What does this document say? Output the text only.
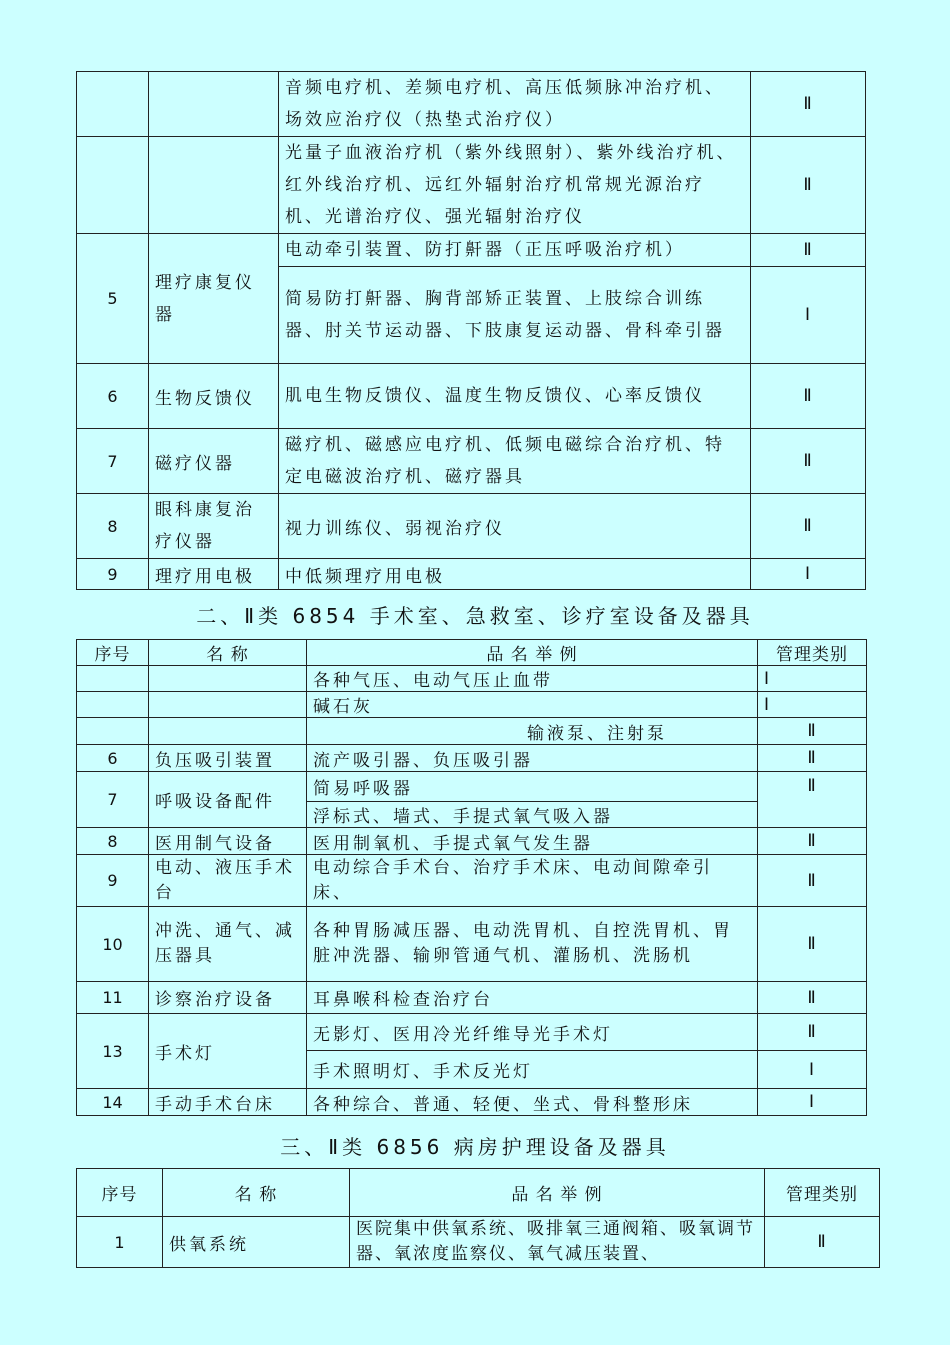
		音频电疗机、差频电疗机、高压低频脉冲治疗机、场效应治疗仪（热垫式治疗仪）	Ⅱ
		光量子血液治疗机（紫外线照射）、紫外线治疗机、红外线治疗机、远红外辐射治疗机常规光源治疗机、光谱治疗仪、强光辐射治疗仪	Ⅱ
5	理疗康复仪器	电动牵引装置、防打鼾器（正压呼吸治疗机）	Ⅱ
		简易防打鼾器、胸背部矫正装置、上肢综合训练器、肘关节运动器、下肢康复运动器、骨科牵引器	Ⅰ
6	生物反馈仪	肌电生物反馈仪、温度生物反馈仪、心率反馈仪	Ⅱ
7	磁疗仪器	磁疗机、磁感应电疗机、低频电磁综合治疗机、特定电磁波治疗机、磁疗器具	Ⅱ
8	眼科康复治疗仪器	视力训练仪、弱视治疗仪	Ⅱ
9	理疗用电极	中低频理疗用电极	Ⅰ
二、Ⅱ类 6854 手术室、急救室、诊疗室设备及器具
序号	名 称	品 名 举 例	管理类别
		各种气压、电动气压止血带	Ⅰ
		碱石灰	Ⅰ
		输液泵、注射泵	Ⅱ
6	负压吸引装置	流产吸引器、负压吸引器	Ⅱ
7	呼吸设备配件	简易呼吸器	Ⅱ
		浮标式、墙式、手提式氧气吸入器	
8	医用制气设备	医用制氧机、手提式氧气发生器	Ⅱ
9	电动、液压手术台	电动综合手术台、治疗手术床、电动间隙牵引床、	Ⅱ
10	冲洗、通气、减压器具	各种胃肠减压器、电动洗胃机、自控洗胃机、胃脏冲洗器、输卵管通气机、灌肠机、洗肠机	Ⅱ
11	诊察治疗设备	耳鼻喉科检查治疗台	Ⅱ
13	手术灯	无影灯、医用冷光纤维导光手术灯	Ⅱ
		手术照明灯、手术反光灯	Ⅰ
14	手动手术台床	各种综合、普通、轻便、坐式、骨科整形床	Ⅰ
三、Ⅱ类 6856 病房护理设备及器具
序号	名 称	品 名 举 例	管理类别
1	供氧系统	医院集中供氧系统、吸排氧三通阀箱、吸氧调节器、氧浓度监察仪、氧气减压装置、	Ⅱ
